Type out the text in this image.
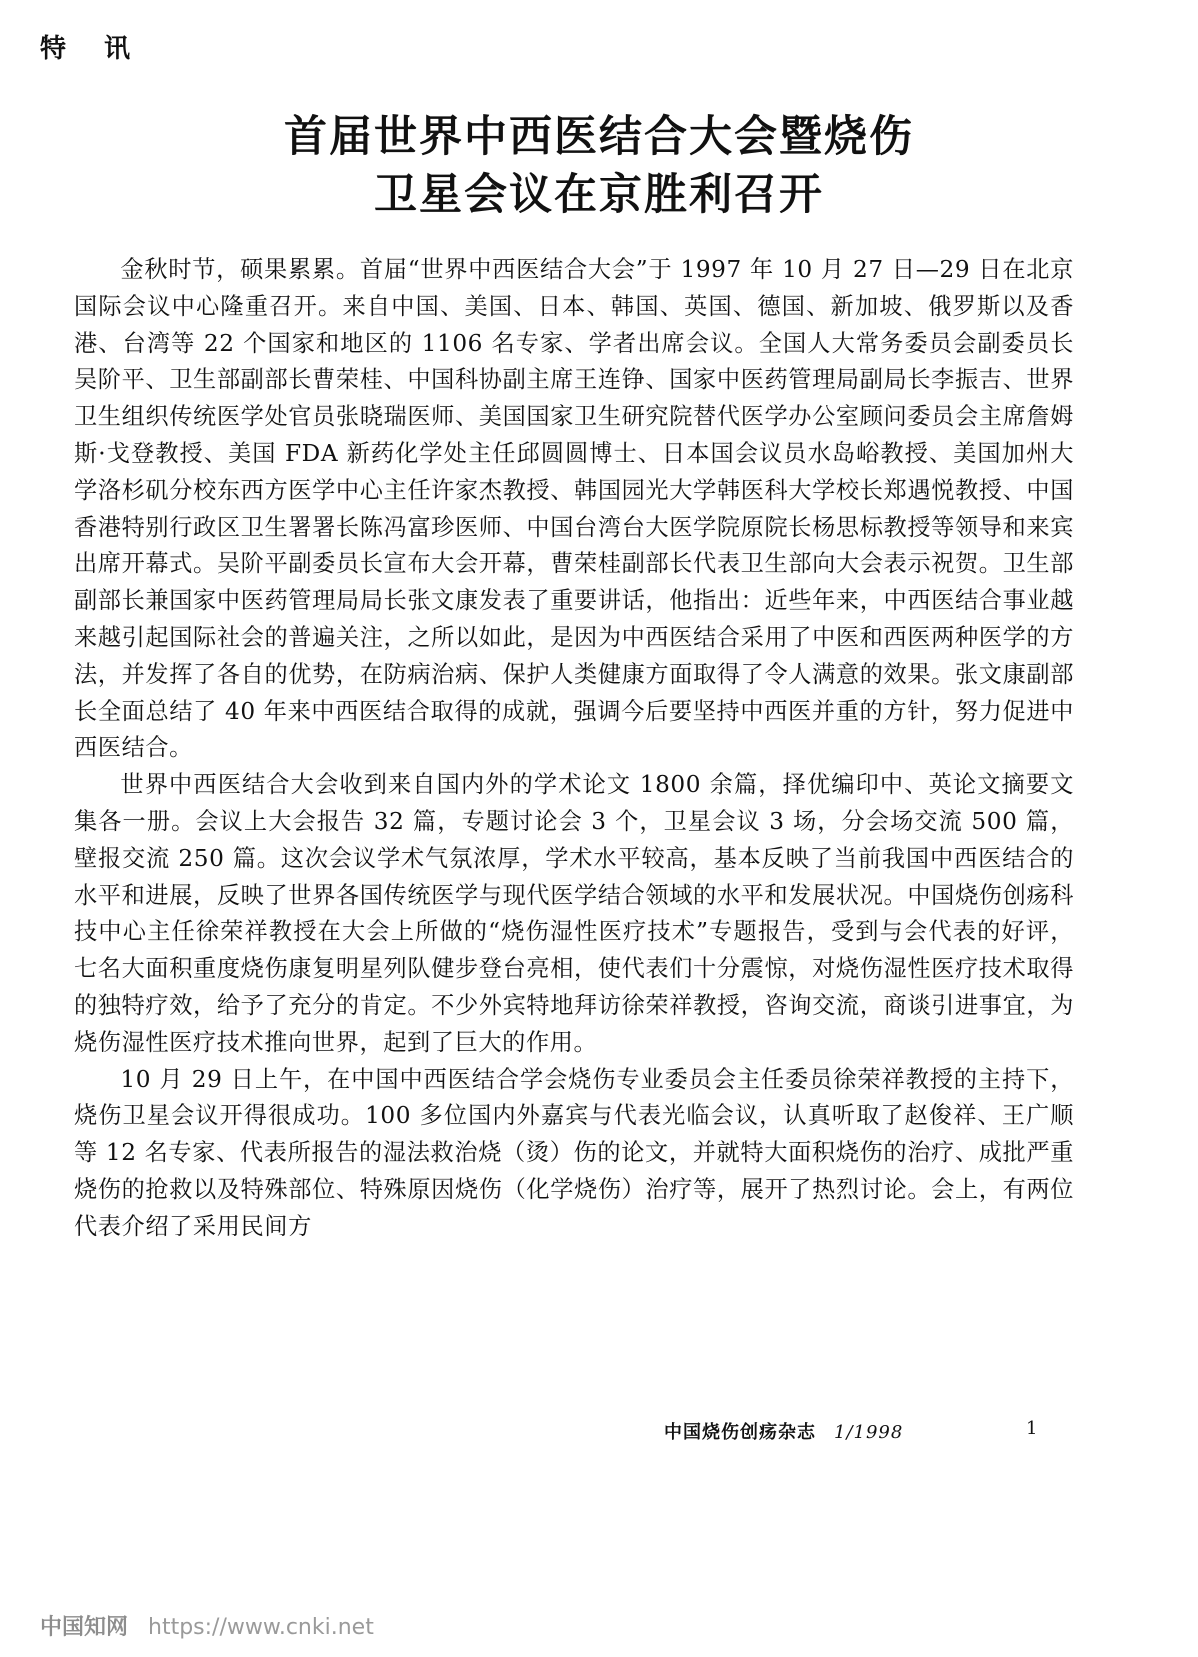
特讯
首届世界中西医结合大会暨烧伤
卫星会议在京胜利召开

金秋时节，硕果累累。首届“世界中西医结合大会”于 1997 年 10 月 27 日—29 日在北京国际会议中心隆重召开。来自中国、美国、日本、韩国、英国、德国、新加坡、俄罗斯以及香港、台湾等 22 个国家和地区的 1106 名专家、学者出席会议。全国人大常务委员会副委员长吴阶平、卫生部副部长曹荣桂、中国科协副主席王连铮、国家中医药管理局副局长李振吉、世界卫生组织传统医学处官员张晓瑞医师、美国国家卫生研究院替代医学办公室顾问委员会主席詹姆斯·戈登教授、美国 FDA 新药化学处主任邱圆圆博士、日本国会议员水岛峪教授、美国加州大学洛杉矶分校东西方医学中心主任许家杰教授、韩国园光大学韩医科大学校长郑遇悦教授、中国香港特别行政区卫生署署长陈冯富珍医师、中国台湾台大医学院原院长杨思标教授等领导和来宾出席开幕式。吴阶平副委员长宣布大会开幕，曹荣桂副部长代表卫生部向大会表示祝贺。卫生部副部长兼国家中医药管理局局长张文康发表了重要讲话，他指出：近些年来，中西医结合事业越来越引起国际社会的普遍关注，之所以如此，是因为中西医结合采用了中医和西医两种医学的方法，并发挥了各自的优势，在防病治病、保护人类健康方面取得了令人满意的效果。张文康副部长全面总结了 40 年来中西医结合取得的成就，强调今后要坚持中西医并重的方针，努力促进中西医结合。

世界中西医结合大会收到来自国内外的学术论文 1800 余篇，择优编印中、英论文摘要文集各一册。会议上大会报告 32 篇，专题讨论会 3 个，卫星会议 3 场，分会场交流 500 篇，壁报交流 250 篇。这次会议学术气氛浓厚，学术水平较高，基本反映了当前我国中西医结合的水平和进展，反映了世界各国传统医学与现代医学结合领域的水平和发展状况。中国烧伤创疡科技中心主任徐荣祥教授在大会上所做的“烧伤湿性医疗技术”专题报告，受到与会代表的好评，七名大面积重度烧伤康复明星列队健步登台亮相，使代表们十分震惊，对烧伤湿性医疗技术取得的独特疗效，给予了充分的肯定。不少外宾特地拜访徐荣祥教授，咨询交流，商谈引进事宜，为烧伤湿性医疗技术推向世界，起到了巨大的作用。

10 月 29 日上午，在中国中西医结合学会烧伤专业委员会主任委员徐荣祥教授的主持下，烧伤卫星会议开得很成功。100 多位国内外嘉宾与代表光临会议，认真听取了赵俊祥、王广顺等 12 名专家、代表所报告的湿法救治烧（烫）伤的论文，并就特大面积烧伤的治疗、成批严重烧伤的抢救以及特殊部位、特殊原因烧伤（化学烧伤）治疗等，展开了热烈讨论。会上，有两位代表介绍了采用民间方

中国烧伤创疡杂志 1/1998	1

中国知网 https://www.cnki.net
